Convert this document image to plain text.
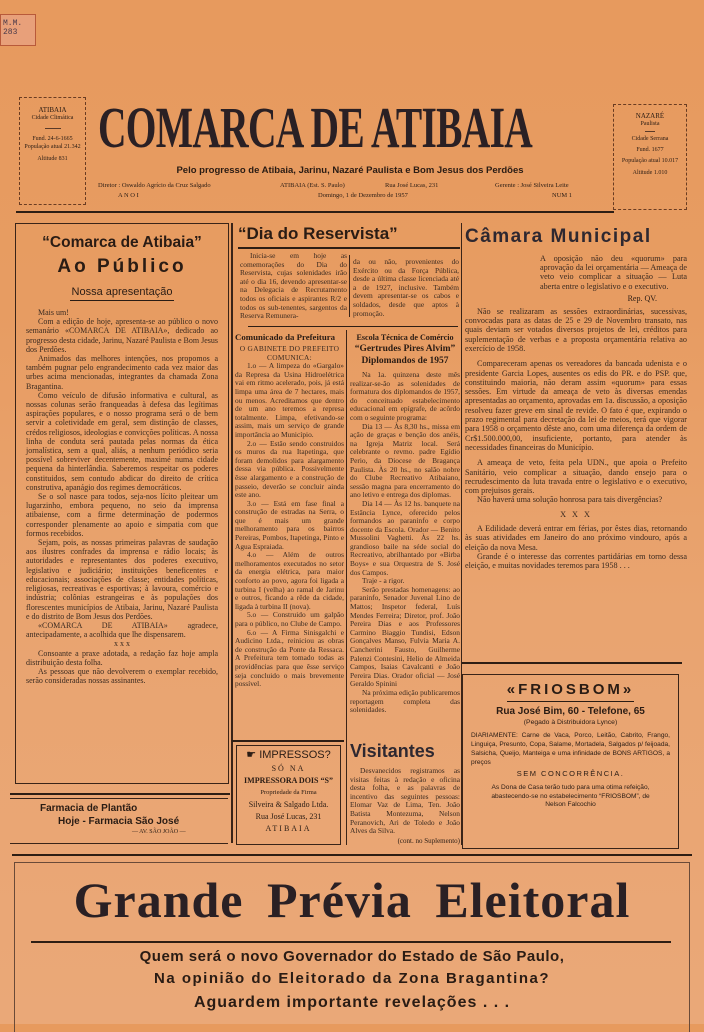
M.M.
283
ATIBAIA
Cidade Climática
Fund. 24-6-1665
População atual 21.342
Altitude 831 COMARCA DE ATIBAIA
Pelo progresso de Atibaia, Jarinu, Nazaré Paulista e Bom Jesus dos Perdões
Diretor : Oswaldo Agrício da Cruz Salgado
A N O I
ATIBAIA (Est. S. Paulo)	Rua José Lucas, 231
Domingo, 1 de Dezembro de 1957
Gerente : José Silveira Leite
NUM 1
NAZARÉ
Paulista
Cidade Serrana
Fund. 1677
População atual 10.017
Altitude 1.010
“Comarca de Atibaia”
Ao Público
Nossa apresentação

Mais um!

Com a edição de hoje, apresenta-se ao público o novo semanário «COMARCA DE ATIBAIA», dedicado ao progresso desta cidade, Jarinu, Nazaré Paulista e Bom Jesus dos Perdões.

Animados das melhores intenções, nos propomos a também pugnar pelo engrandecimento cada vez maior das urbes acima mencionadas, integrantes da chamada Zona Bragantina.

Como veículo de difusão informativa e cultural, as nossas colunas serão franqueadas à defesa das legítimas aspirações populares, e o nosso programa será o de bem servir a coletividade em geral, sem distinção de classes, crédos religiosos, ideologias e convicções políticas. A nossa linha de conduta será pautada pelas normas da ética jornalística, sem a qual, aliás, a nenhum periódico seria possível sobreviver decentemente, maximé numa cidade pequena da hinterlândia. Saberemos respeitar os poderes constituidos, sem contudo abdicar do direito de crítica construtiva, apanágio dos regimes democráticos.

Se o sol nasce para todos, seja-nos lícito pleitear um lugarzinho, embora pequeno, no seio da imprensa atibaiense, com a firme determinação de podermos corresponder plenamente ao apoio e simpatia com que formos recebidos.

Sejam, pois, as nossas primeiras palavras de saudação aos ilustres confrades da imprensa e rádio locais; às autoridades e representantes dos poderes executivo, legislativo e judiciário; instituições beneficentes e educacionais; associações de classe; entidades políticas, religiosas, recreativas e esportivas; à lavoura, comércio e indústria; colônias estrangeiras e às populações dos florescentes municípios de Atibaia, Jarinu, Nazaré Paulista e do distrito de Bom Jesus dos Perdões.

«COMARCA DE ATIBAIA» agradece, antecipadamente, a acolhida que lhe dispensarem.

x x x

Consoante a praxe adotada, a redação faz hoje ampla distribuição desta folha.

As pessoas que não devolverem o exemplar recebido, serão consideradas nossas assinantes.

Farmacia de Plantão
Hoje - Farmacia São José
— AV. SÃO JOÃO —
“Dia do Reservista”
Inicia-se em hoje as comemorações do Dia do Reservista, cujas solenidades irão até o dia 16, devendo apresentar-se na Delegacia de Recrutamento todos os oficiais e aspirantes R/2 e todos os sub-tenentes, sargentos da Reserva Remunera-
da ou não, provenientes do Exército ou da Força Pública, desde a última classe licenciada até a de 1927, inclusive. Também devem apresentar-se os cabos e soldados, desde que aptos à promoção.
Comunicado da Prefeitura
O GABINETE DO PREFEITO COMUNICA:

1.o — A limpeza do «Gargalo» da Represa da Usina Hidroelétrica vai em ritmo acelerado, pois, já está limpa uma área de 7 hectares, mais ou menos. Acreditamos que dentro de um ano teremos a represa totalmente. Limpa, efetivando-se assim, mais um serviço de grande importância ao Município.

2.o — Estão sendo construidos os muros da rua Itapetinga, que foram demolidos para alargamento dessa via pública. Possivelmente êsse alargamento e a construção de passeio, deverão se concluir ainda este ano.

3.o — Está em fase final a construção de estradas na Serra, o que é mais um grande melhoramento para os bairros Pereiras, Pombos, Itapetinga, Pinto e Agua Espraiada.

4.o — Além de outros melhoramentos executados no setor da energia elétrica, para maior conforto ao povo, agora foi ligada a turbina I (velha) ao ramal de Jarinu e outros, ficando a rêde da cidade, ligada à turbina II (nova).

5.o — Construido um galpão para o público, no Clube de Campo.

6.o — A Firma Sinisgalchi e Audicino Ltda., reiniciou as obras de construção da Ponte da Ressaca. A Prefeitura tem tomado todas as providências para que êsse serviço seja concluido o mais brevemente possível.

Escola Técnica de Comércio
“Gertrudes Pires Alvim”
Diplomandos de 1957

Na 1a. quinzena deste mês realizar-se-ão as solenidades de formatura dos diplomandos de 1957, do conceituado estabelecimento educacional em epígrafe, de acôrdo com o seguinte programa:

Dia 13 — Às 8,30 hs., missa em ação de graças e benção dos anéis, na Igreja Matriz local. Será celebrante o revmo. padre Egídio Perio, da Diocese de Bragança Paulista. Às 20 hs., no salão nobre do Clube Recreativo Atibaiano, sessão magna para encerramento do ano letivo e entrega dos diplomas.

Dia 14 — Às 12 hs. banquete na Estância Lynce, oferecido pelos formandos ao paraninfo e corpo docente da Escola. Orador — Benito Mussolini Vaghetti. Às 22 hs. grandioso baile na séde social do Recreativo, abrilhantado por «Birba Boys» e sua Orquestra de S. José dos Campos.

Traje - a rigor.

Serão prestadas homenagens: ao paraninfo, Senador Juvenal Lino de Mattos; Inspetor federal, Luís Mendes Ferreira; Diretor, prof. João Pereira Dias e aos Professores Carmino Biaggio Tundisi, Edson Gonçalves Manso, Fulvia Maria A. Cancherini Fausto, Guilherme Palenzi Contesini, Helio de Almeida Campos, Isaias Cavalcanti e João Pereira Dias. Orador oficial — José Geraldo Spinini

Na próxima edição publicaremos reportagem completa das solenidades.

☛ IMPRESSOS?
SÓ NA
IMPRESSORA DOIS “S”
Propriedade da Firma
Silveira & Salgado Ltda.
Rua José Lucas, 231
ATIBAIA
Visitantes
Desvanecidos registramos as visitas feitas à redação e oficina desta folha, e as palavras de incentivo das seguintes pessoas: Elomar Vaz de Lima, Ten. João Batista Montezuma, Nelson Peranovich, Ari de Toledo e João Alves da Silva.
(cont. no Suplemento)
Câmara Municipal
A oposição não deu «quorum» para aprovação da lei orçamentária — Ameaça de veto veio complicar a situação — Luta aberta entre o legislativo e o executivo.
Rep. QV.

Não se realizaram as sessões extraordinárias, sucessivas, convocadas para as datas de 25 e 29 de Novembro transato, nas quais deviam ser votados diversos projetos de lei, créditos para suplementação de verbas e a proposta orçamentária relativa ao exercício de 1958.

Compareceram apenas os vereadores da bancada udenista e o presidente Garcia Lopes, ausentes os edis do PR. e do PSP. que, constituindo maioria, não deram assim «quorum» para essas sessões. Em virtude da ameaça de veto às diversas emendas apresentadas ao orçamento, aprovadas em 1a. discussão, a oposição resolveu fazer greve em sinal de revide. O fato é que, expirando o prazo regimental para decretação da lei de meios, terá que vigorar para 1958 o orçamento dêste ano, com uma diferença da ordem de Cr$1.500.000,00, insuficiente, portanto, para atender às necessidades financeiras do Município.

A ameaça de veto, feita pela UDN., que apoia o Prefeito Sanitário, veio complicar a situação, dando ensejo para o recrudescimento da luta travada entre o legislativo e o executivo, com prejuisos gerais.

Não haverá uma solução honrosa para tais divergências?

X X X

A Edilidade deverá entrar em férias, por êstes dias, retornando às suas atividades em Janeiro do ano próximo vindouro, após a eleição da nova Mesa.

Grande é o interesse das correntes partidárias em torno dessa eleição, e muitas novidades teremos para 1958 . . .

«FRIOSBOM»
Rua José Bim, 60 - Telefone, 65
(Pegado à Distribuidora Lynce)
DIARIAMENTE: Carne de Vaca, Porco, Leitão, Cabrito, Frango, Linguiça, Presunto, Copa, Salame, Mortadela, Salgados p/ feijoada, Salsicha, Queijo, Manteiga e uma infinidade de BONS ARTIGOS, a preços
SEM CONCORRÊNCIA.
As Dona de Casa terão tudo para uma otima refeição, abastecendo-se no estabelecimento “FRIOSBOM”, de Nelson Falcochio
Grande Prévia Eleitoral
Quem será o novo Governador do Estado de São Paulo,
Na opinião do Eleitorado da Zona Bragantina?
Aguardem importante revelações . . .
